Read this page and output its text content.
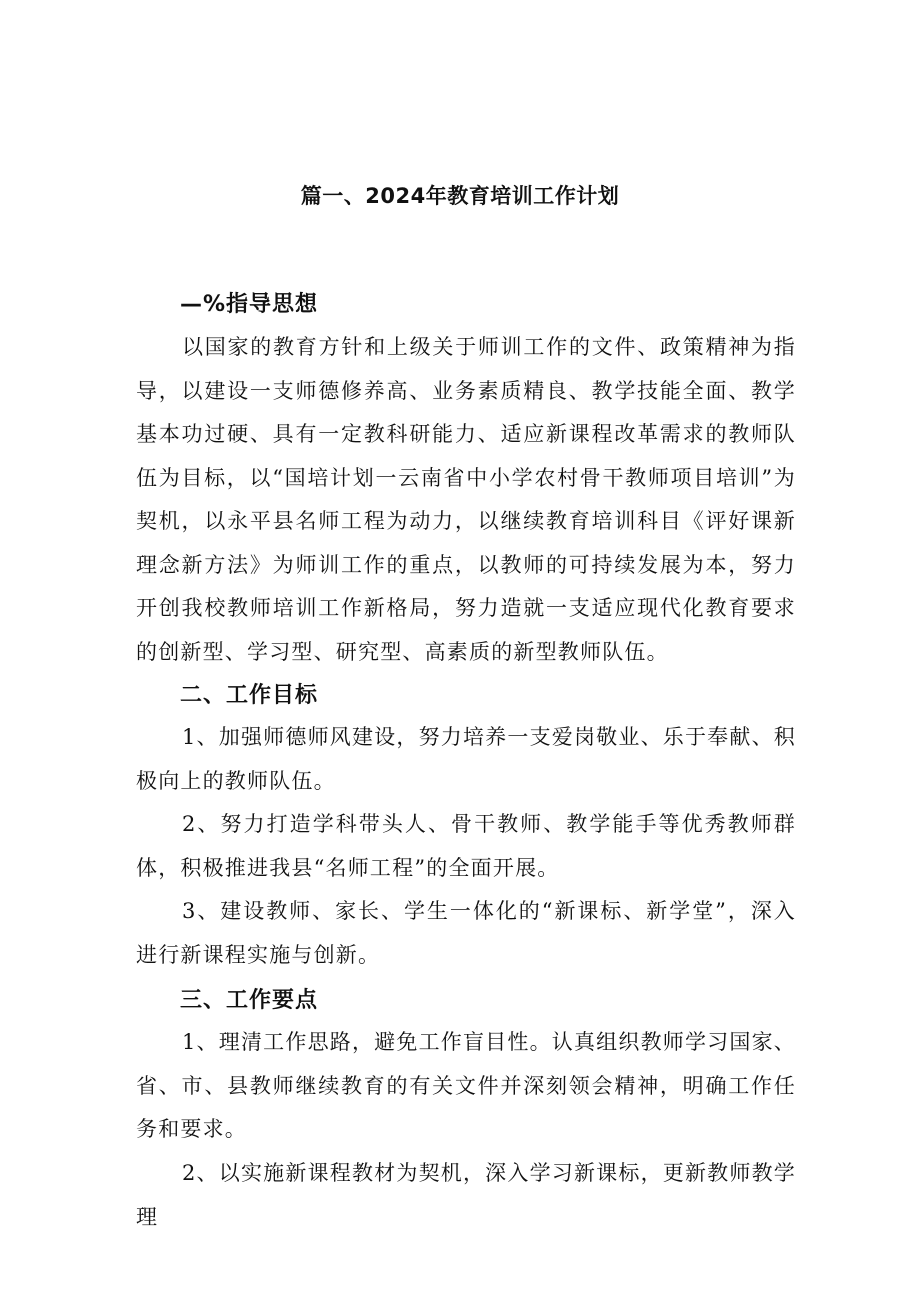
篇一、2024年教育培训工作计划
—%指导思想

以国家的教育方针和上级关于师训工作的文件、政策精神为指导，以建设一支师德修养高、业务素质精良、教学技能全面、教学基本功过硬、具有一定教科研能力、适应新课程改革需求的教师队伍为目标，以“国培计划一云南省中小学农村骨干教师项目培训”为契机，以永平县名师工程为动力，以继续教育培训科目《评好课新理念新方法》为师训工作的重点，以教师的可持续发展为本，努力开创我校教师培训工作新格局，努力造就一支适应现代化教育要求的创新型、学习型、研究型、高素质的新型教师队伍。

二、工作目标

1、加强师德师风建设，努力培养一支爱岗敬业、乐于奉献、积极向上的教师队伍。

2、努力打造学科带头人、骨干教师、教学能手等优秀教师群体，积极推进我县“名师工程”的全面开展。

3、建设教师、家长、学生一体化的“新课标、新学堂”，深入进行新课程实施与创新。

三、工作要点

1、理清工作思路，避免工作盲目性。认真组织教师学习国家、省、市、县教师继续教育的有关文件并深刻领会精神，明确工作任务和要求。

2、以实施新课程教材为契机，深入学习新课标，更新教师教学理
